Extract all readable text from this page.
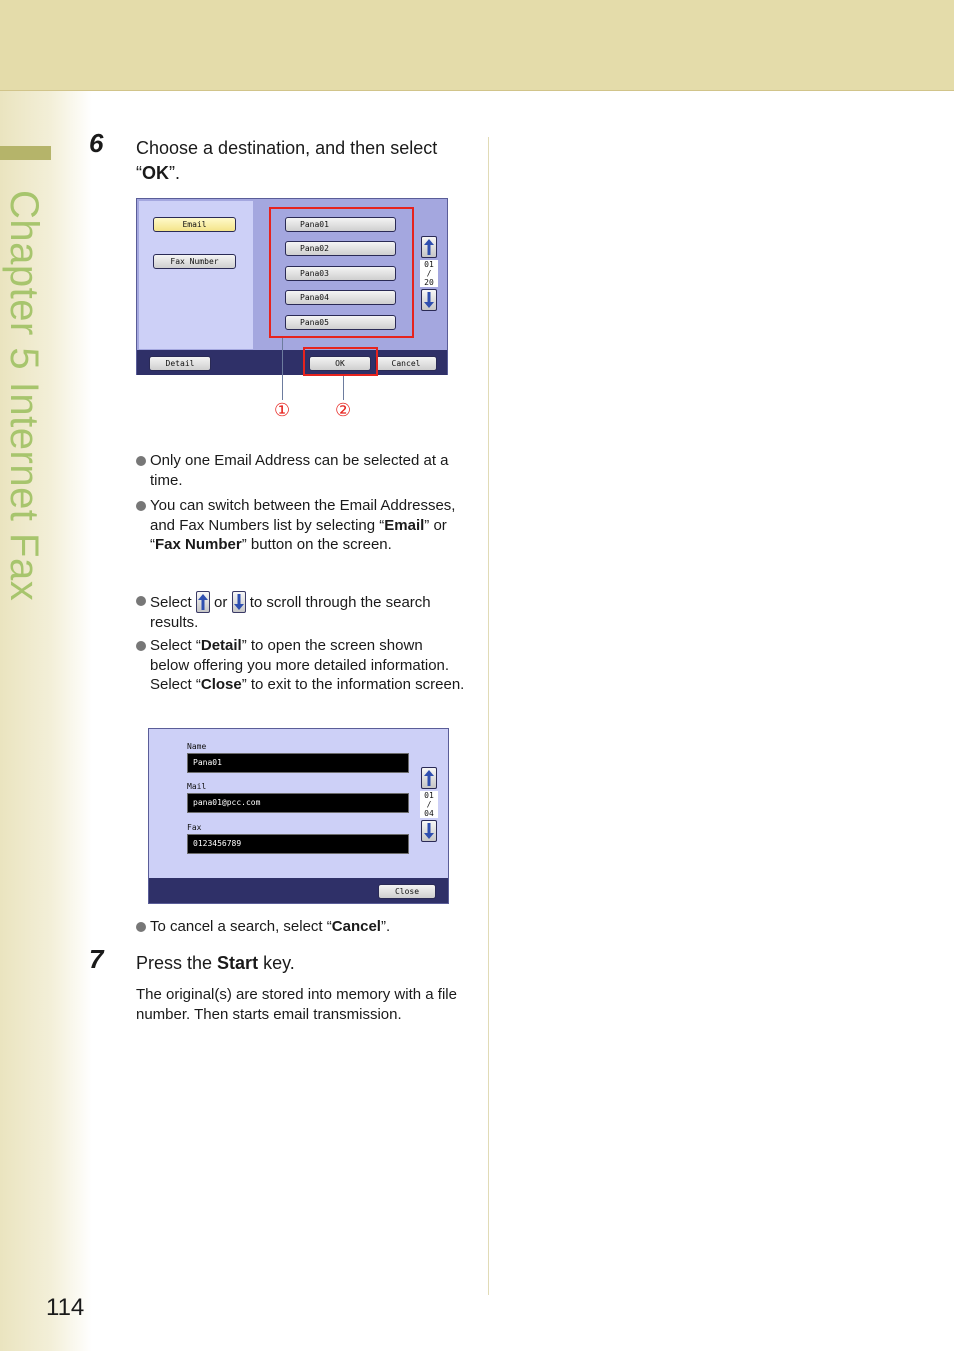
Chapter 5 Internet Fax
6 Choose a destination, and then select “OK”.
Email
Fax Number
Pana01
Pana02
Pana03
Pana04
Pana05
01
/
20
Detail	OK	Cancel
① ②
Only one Email Address can be selected at a time.
You can switch between the Email Addresses, and Fax Numbers list by selecting “Email” or “Fax Number” button on the screen.
Select  or  to scroll through the search results.
Select “Detail” to open the screen shown below offering you more detailed information. Select “Close” to exit to the information screen.
Name
Pana01
Mail
pana01@pcc.com
Fax
0123456789
01
/
04
Close
To cancel a search, select “Cancel”.
7 Press the Start key.
The original(s) are stored into memory with a file number. Then starts email transmission.
114
